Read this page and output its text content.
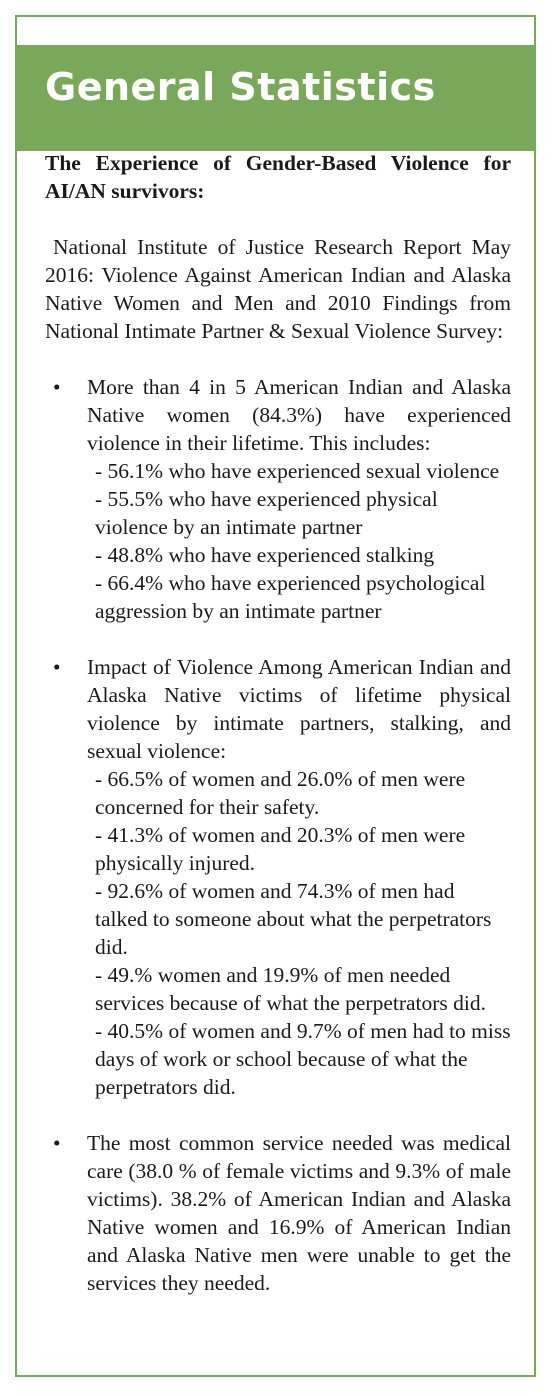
General Statistics

The Experience of Gender-Based Violence for AI/AN survivors:

National Institute of Justice Research Report May 2016: Violence Against American Indian and Alaska Native Women and Men and 2010 Findings from National Intimate Partner & Sexual Violence Survey:

• More than 4 in 5 American Indian and Alaska Native women (84.3%) have experienced violence in their lifetime. This includes:
- 56.1% who have experienced sexual violence
- 55.5% who have experienced physical violence by an intimate partner
- 48.8% who have experienced stalking
- 66.4% who have experienced psychological aggression by an intimate partner
• Impact of Violence Among American Indian and Alaska Native victims of lifetime physical violence by intimate partners, stalking, and sexual violence:
- 66.5% of women and 26.0% of men were concerned for their safety.
- 41.3% of women and 20.3% of men were physically injured.
- 92.6% of women and 74.3% of men had talked to someone about what the perpetrators did.
- 49.% women and 19.9% of men needed services because of what the perpetrators did.
- 40.5% of women and 9.7% of men had to miss days of work or school because of what the perpetrators did.
• The most common service needed was medical care (38.0 % of female victims and 9.3% of male victims). 38.2% of American Indian and Alaska Native women and 16.9% of American Indian and Alaska Native men were unable to get the services they needed.
